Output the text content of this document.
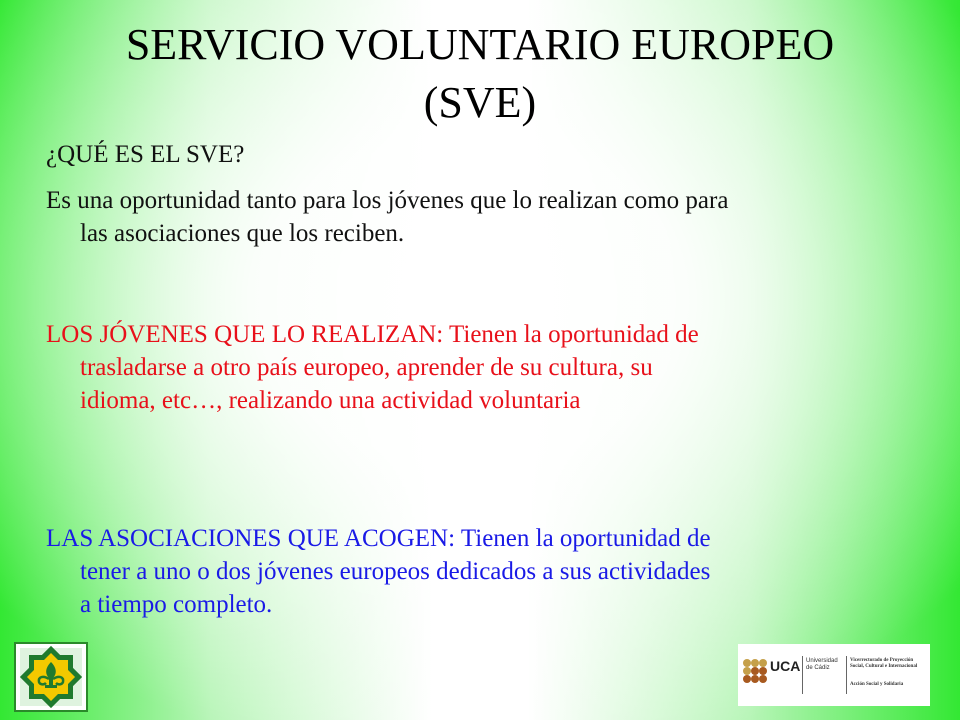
SERVICIO VOLUNTARIO EUROPEO
(SVE)

¿QUÉ ES EL SVE?

Es una oportunidad tanto para los jóvenes que lo realizan como para
las asociaciones que los reciben.

LOS JÓVENES QUE LO REALIZAN: Tienen la oportunidad de
trasladarse a otro país europeo, aprender de su cultura, su
idioma, etc…, realizando una actividad voluntaria

LAS ASOCIACIONES QUE ACOGEN: Tienen la oportunidad de
tener a uno o dos jóvenes europeos dedicados a sus actividades
a tiempo completo.

UCA Universidad de Cádiz
Vicerrectorado de Proyección Social, Cultural e Internacional
Acción Social y Solidaria
